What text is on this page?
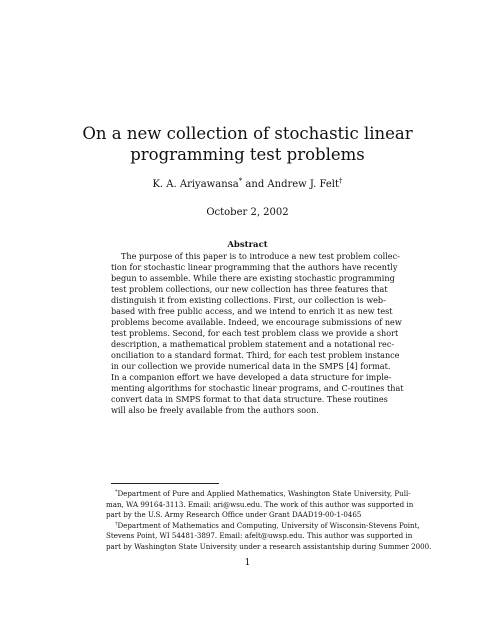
On a new collection of stochastic linear
programming test problems
K. A. Ariyawansa* and Andrew J. Felt†
October 2, 2002
Abstract
The purpose of this paper is to introduce a new test problem collec-
tion for stochastic linear programming that the authors have recently
begun to assemble. While there are existing stochastic programming
test problem collections, our new collection has three features that
distinguish it from existing collections. First, our collection is web-
based with free public access, and we intend to enrich it as new test
problems become available. Indeed, we encourage submissions of new
test problems. Second, for each test problem class we provide a short
description, a mathematical problem statement and a notational rec-
onciliation to a standard format. Third, for each test problem instance
in our collection we provide numerical data in the SMPS [4] format.
In a companion effort we have developed a data structure for imple-
menting algorithms for stochastic linear programs, and C-routines that
convert data in SMPS format to that data structure. These routines
will also be freely available from the authors soon.
*Department of Pure and Applied Mathematics, Washington State University, Pull-
man, WA 99164-3113. Email: ari@wsu.edu. The work of this author was supported in
part by the U.S. Army Research Office under Grant DAAD19-00-1-0465
†Department of Mathematics and Computing, University of Wisconsin-Stevens Point,
Stevens Point, WI 54481-3897. Email: afelt@uwsp.edu. This author was supported in
part by Washington State University under a research assistantship during Summer 2000.
1
